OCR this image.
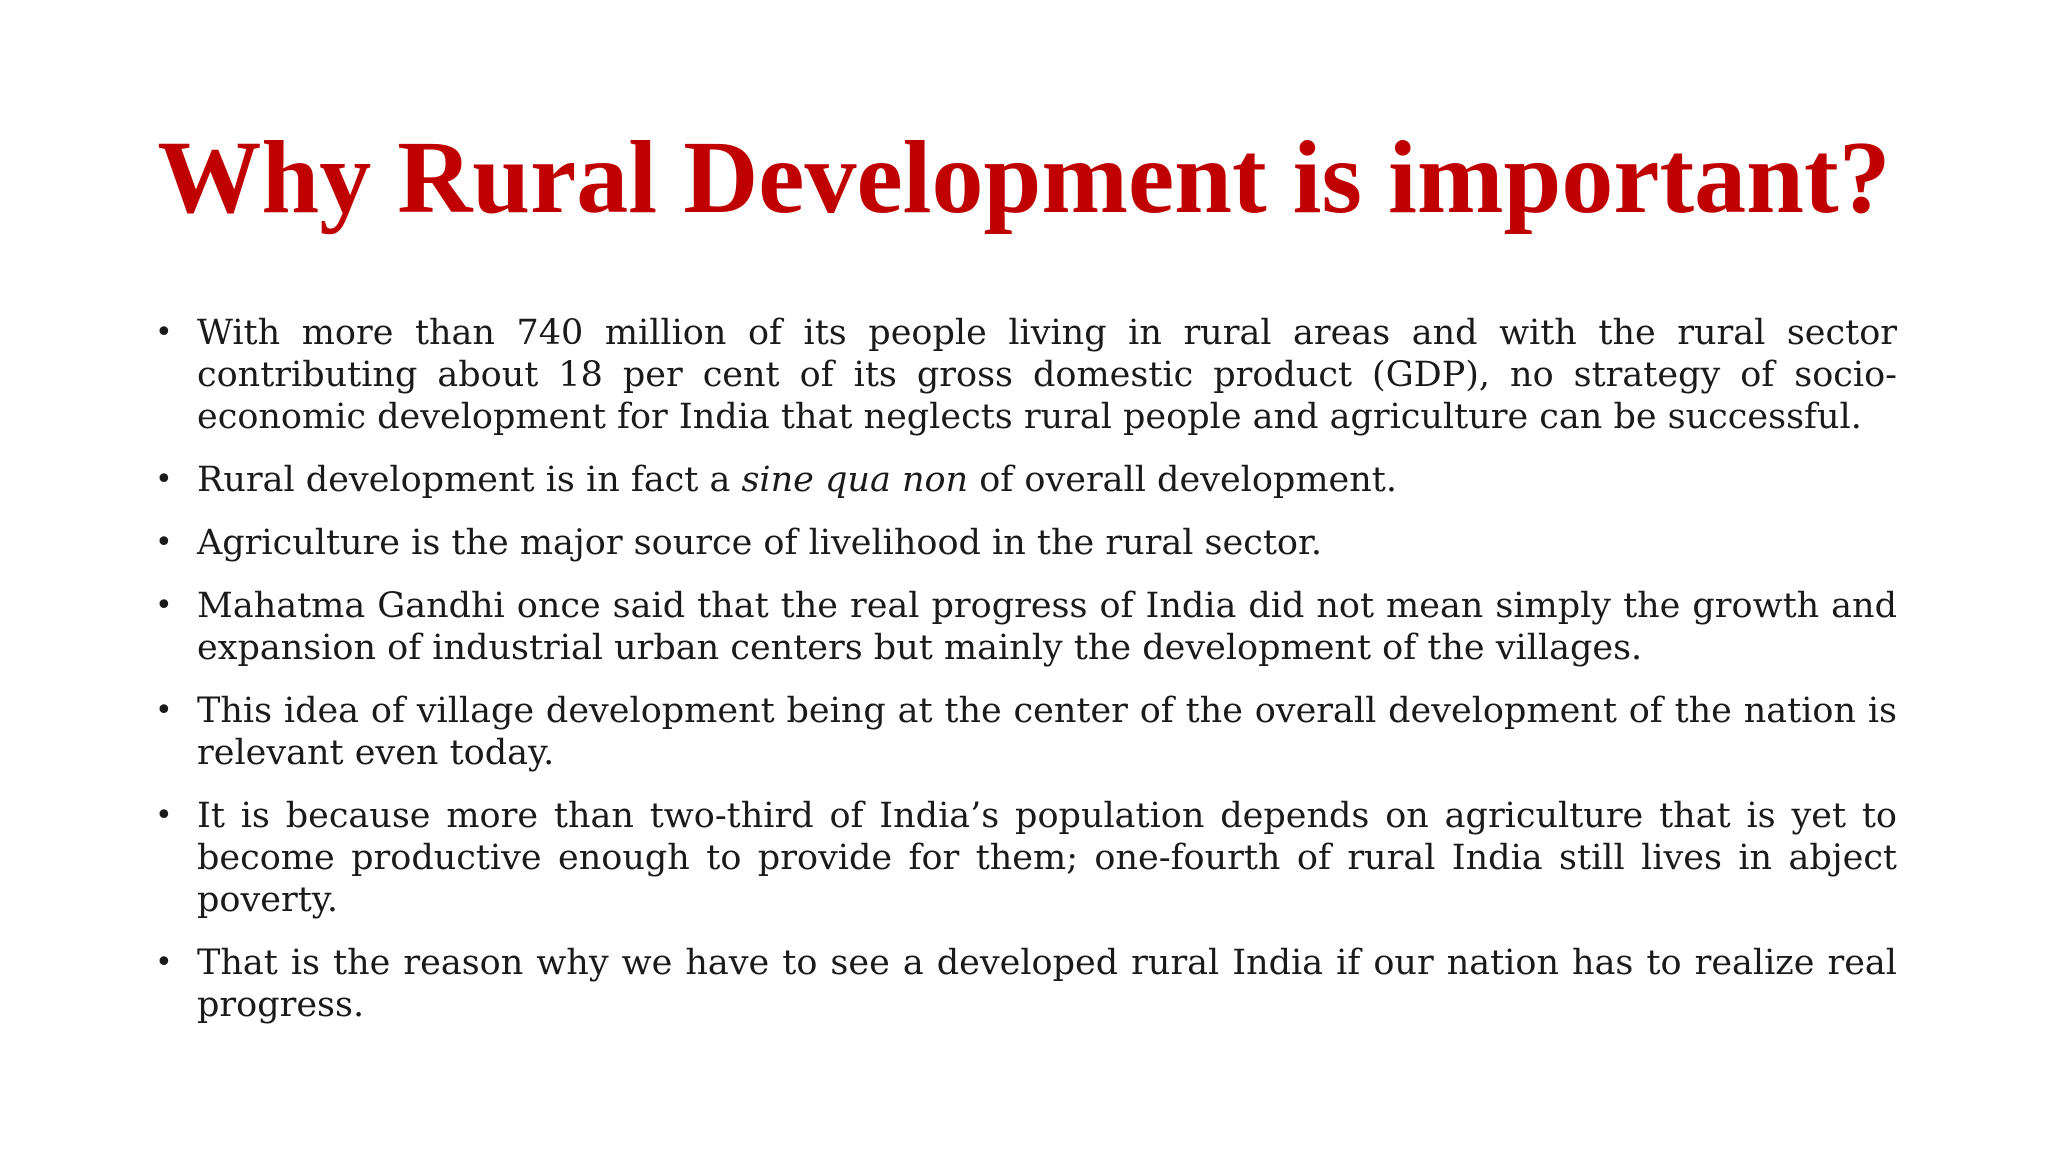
Why Rural Development is important?
• With more than 740 million of its people living in rural areas and with the rural sector contributing about 18 per cent of its gross domestic product (GDP), no strategy of socio-economic development for India that neglects rural people and agriculture can be successful.
• Rural development is in fact a sine qua non of overall development.
• Agriculture is the major source of livelihood in the rural sector.
• Mahatma Gandhi once said that the real progress of India did not mean simply the growth and expansion of industrial urban centers but mainly the development of the villages.
• This idea of village development being at the center of the overall development of the nation is relevant even today.
• It is because more than two-third of India’s population depends on agriculture that is yet to become productive enough to provide for them; one-fourth of rural India still lives in abject poverty.
• That is the reason why we have to see a developed rural India if our nation has to realize real progress.
